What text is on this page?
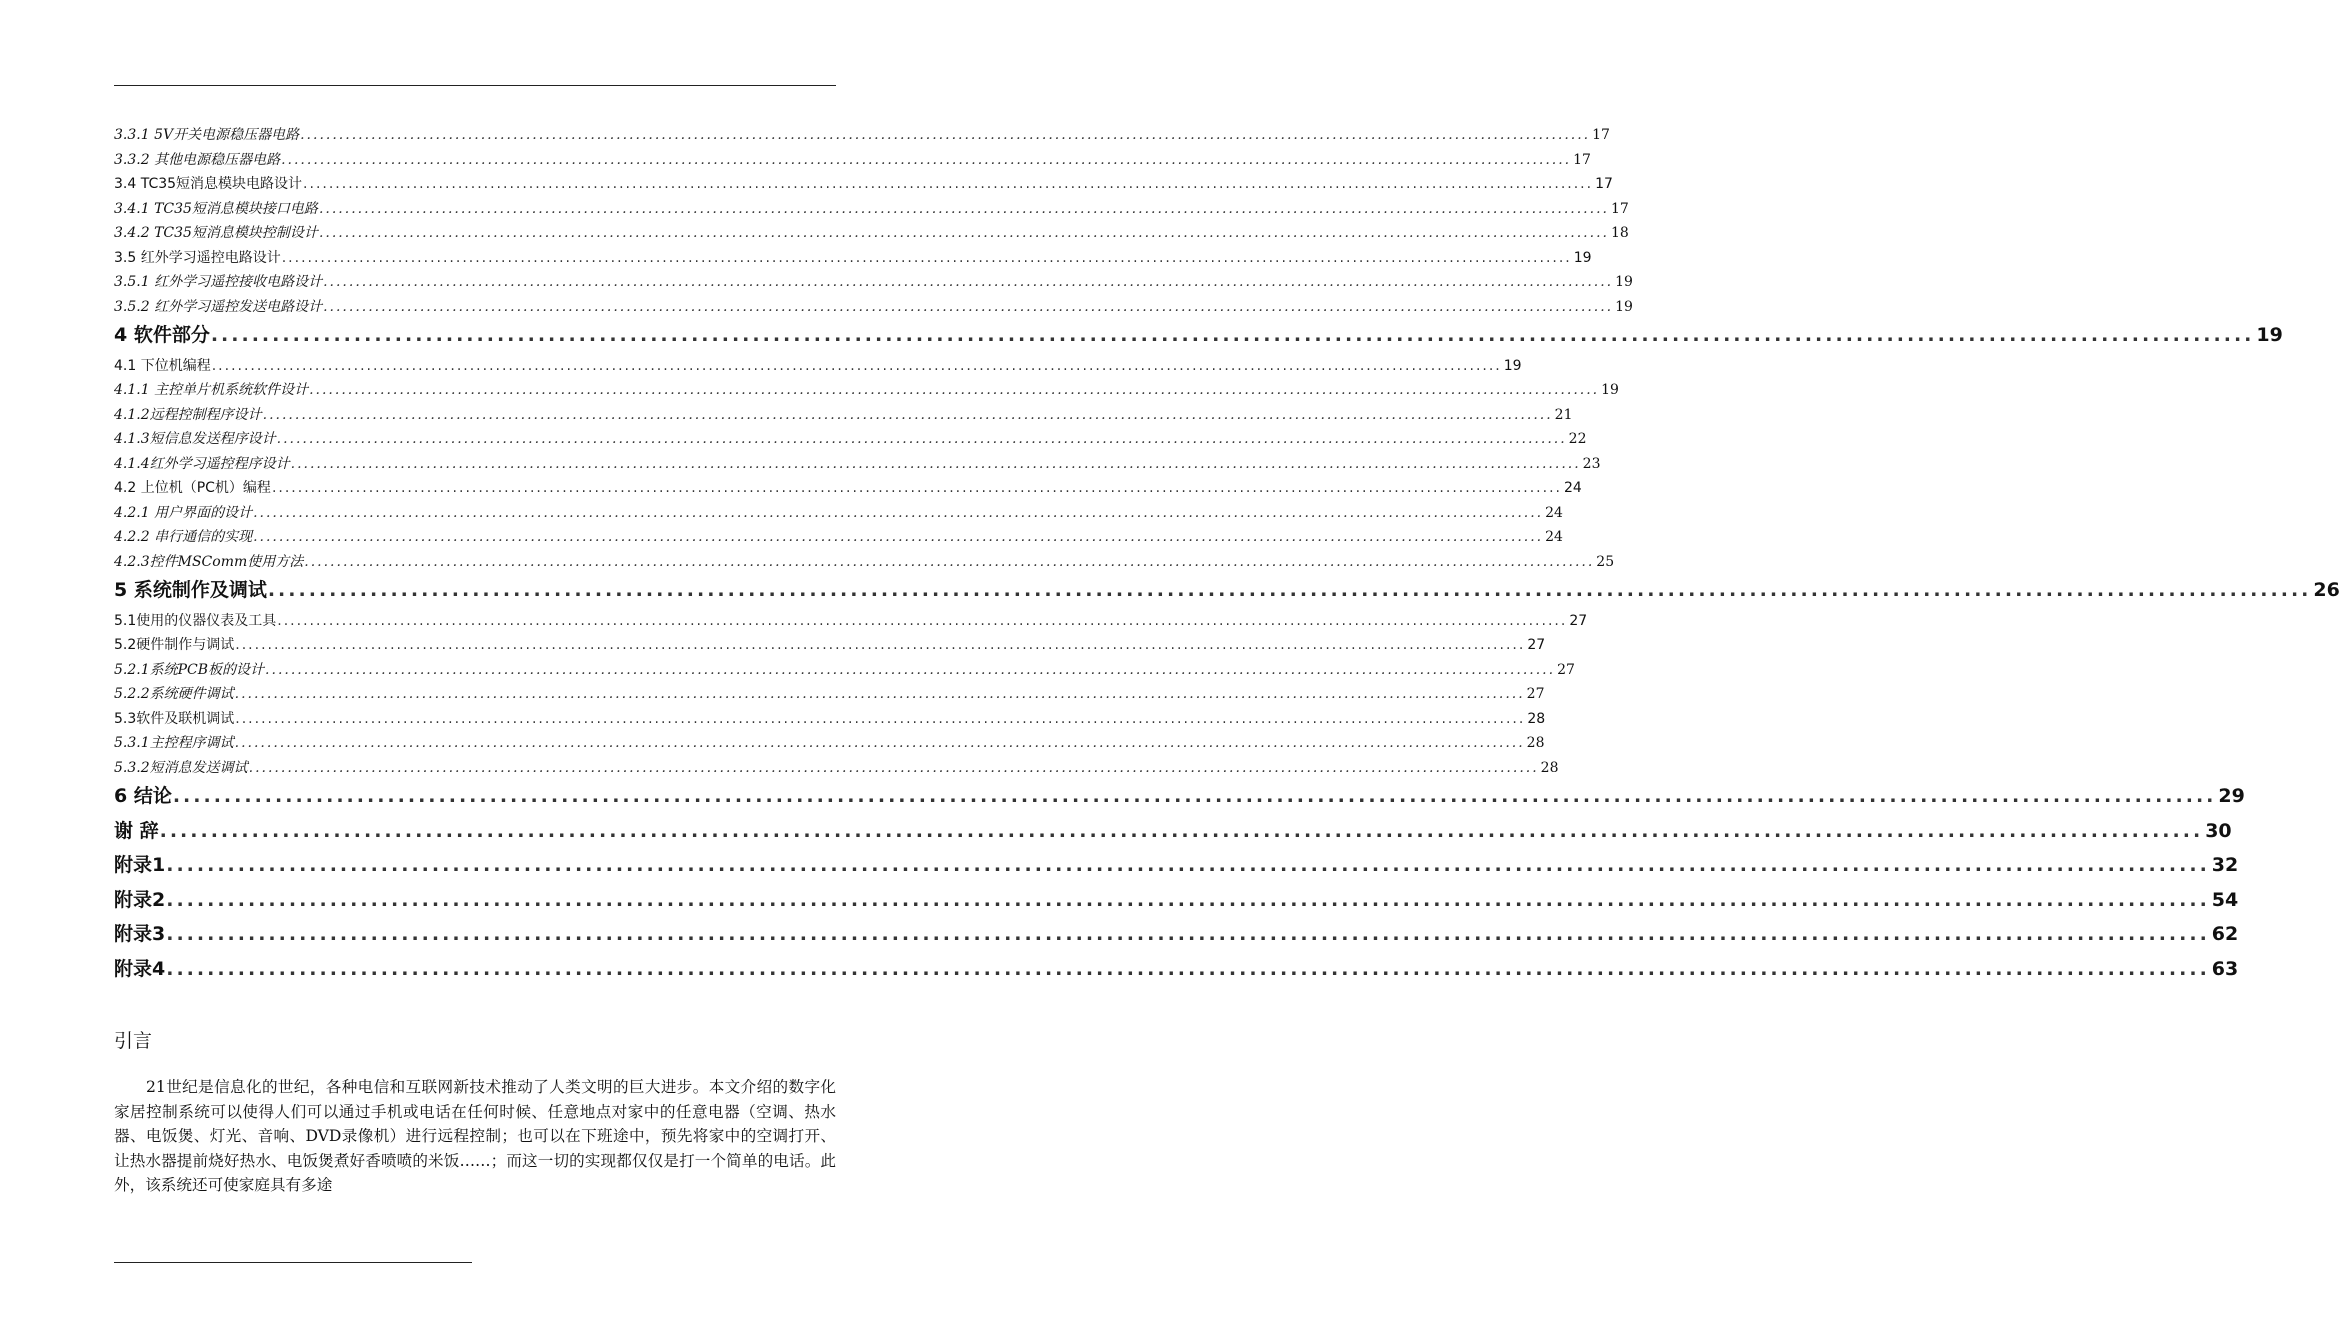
3.3.1 5V开关电源稳压器电路 ........................................................................................................................................................................................................ 17
3.3.2 其他电源稳压器电路 ........................................................................................................................................................................................................ 17
3.4 TC35短消息模块电路设计 ........................................................................................................................................................................................................ 17
3.4.1 TC35短消息模块接口电路 ........................................................................................................................................................................................................ 17
3.4.2 TC35短消息模块控制设计 ........................................................................................................................................................................................................ 18
3.5 红外学习遥控电路设计 ........................................................................................................................................................................................................ 19
3.5.1 红外学习遥控接收电路设计 ........................................................................................................................................................................................................ 19
3.5.2 红外学习遥控发送电路设计 ........................................................................................................................................................................................................ 19
4 软件部分 ........................................................................................................................................................................................................ 19
4.1 下位机编程 ........................................................................................................................................................................................................ 19
4.1.1 主控单片机系统软件设计 ........................................................................................................................................................................................................ 19
4.1.2远程控制程序设计 ........................................................................................................................................................................................................ 21
4.1.3短信息发送程序设计 ........................................................................................................................................................................................................ 22
4.1.4红外学习遥控程序设计 ........................................................................................................................................................................................................ 23
4.2 上位机（PC机）编程 ........................................................................................................................................................................................................ 24
4.2.1 用户界面的设计 ........................................................................................................................................................................................................ 24
4.2.2 串行通信的实现 ........................................................................................................................................................................................................ 24
4.2.3控件MSComm使用方法 ........................................................................................................................................................................................................ 25
5 系统制作及调试 ........................................................................................................................................................................................................ 26
5.1使用的仪器仪表及工具 ........................................................................................................................................................................................................ 27
5.2硬件制作与调试 ........................................................................................................................................................................................................ 27
5.2.1系统PCB板的设计 ........................................................................................................................................................................................................ 27
5.2.2系统硬件调试 ........................................................................................................................................................................................................ 27
5.3软件及联机调试 ........................................................................................................................................................................................................ 28
5.3.1主控程序调试 ........................................................................................................................................................................................................ 28
5.3.2短消息发送调试 ........................................................................................................................................................................................................ 28
6 结论 ........................................................................................................................................................................................................ 29
谢 辞 ........................................................................................................................................................................................................ 30
附录1 ........................................................................................................................................................................................................ 32
附录2 ........................................................................................................................................................................................................ 54
附录3 ........................................................................................................................................................................................................ 62
附录4 ........................................................................................................................................................................................................ 63
引言

21世纪是信息化的世纪，各种电信和互联网新技术推动了人类文明的巨大进步。本文介绍的数字化家居控制系统可以使得人们可以通过手机或电话在任何时候、任意地点对家中的任意电器（空调、热水器、电饭煲、灯光、音响、DVD录像机）进行远程控制；也可以在下班途中，预先将家中的空调打开、让热水器提前烧好热水、电饭煲煮好香喷喷的米饭……；而这一切的实现都仅仅是打一个简单的电话。此外，该系统还可使家庭具有多途
